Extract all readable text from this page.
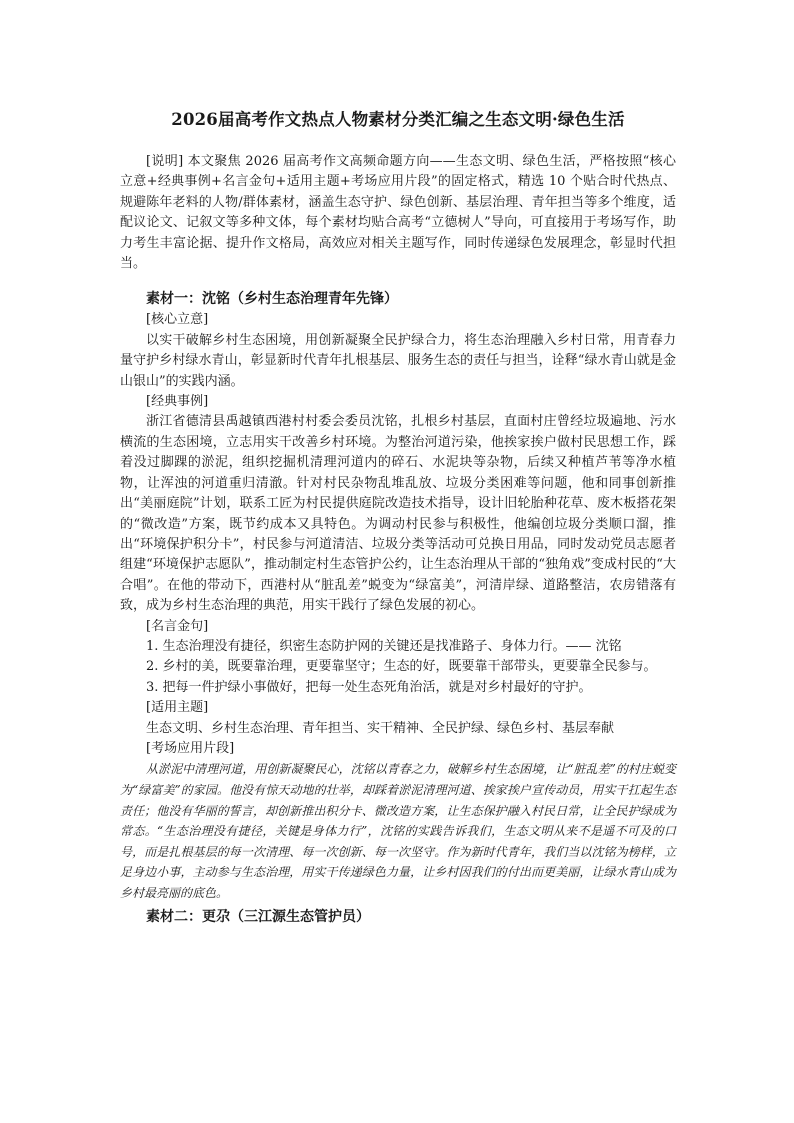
2026届高考作文热点人物素材分类汇编之生态文明·绿色生活

[说明] 本文聚焦 2026 届高考作文高频命题方向——生态文明、绿色生活，严格按照“核心立意+经典事例+名言金句+适用主题+考场应用片段”的固定格式，精选 10 个贴合时代热点、规避陈年老料的人物/群体素材，涵盖生态守护、绿色创新、基层治理、青年担当等多个维度，适配议论文、记叙文等多种文体，每个素材均贴合高考“立德树人”导向，可直接用于考场写作，助力考生丰富论据、提升作文格局，高效应对相关主题写作，同时传递绿色发展理念，彰显时代担当。

素材一：沈铭（乡村生态治理青年先锋）
[核心立意]

以实干破解乡村生态困境，用创新凝聚全民护绿合力，将生态治理融入乡村日常，用青春力量守护乡村绿水青山，彰显新时代青年扎根基层、服务生态的责任与担当，诠释“绿水青山就是金山银山”的实践内涵。

[经典事例]

浙江省德清县禹越镇西港村村委会委员沈铭，扎根乡村基层，直面村庄曾经垃圾遍地、污水横流的生态困境，立志用实干改善乡村环境。为整治河道污染，他挨家挨户做村民思想工作，踩着没过脚踝的淤泥，组织挖掘机清理河道内的碎石、水泥块等杂物，后续又种植芦苇等净水植物，让浑浊的河道重归清澈。针对村民杂物乱堆乱放、垃圾分类困难等问题，他和同事创新推出“美丽庭院”计划，联系工匠为村民提供庭院改造技术指导，设计旧轮胎种花草、废木板搭花架的“微改造”方案，既节约成本又具特色。为调动村民参与积极性，他编创垃圾分类顺口溜，推出“环境保护积分卡”，村民参与河道清洁、垃圾分类等活动可兑换日用品，同时发动党员志愿者组建“环境保护志愿队”，推动制定村生态管护公约，让生态治理从干部的“独角戏”变成村民的“大合唱”。在他的带动下，西港村从“脏乱差”蜕变为“绿富美”，河清岸绿、道路整洁，农房错落有致，成为乡村生态治理的典范，用实干践行了绿色发展的初心。

[名言金句]

1. 生态治理没有捷径，织密生态防护网的关键还是找准路子、身体力行。—— 沈铭

2. 乡村的美，既要靠治理，更要靠坚守；生态的好，既要靠干部带头，更要靠全民参与。

3. 把每一件护绿小事做好，把每一处生态死角治活，就是对乡村最好的守护。

[适用主题]

生态文明、乡村生态治理、青年担当、实干精神、全民护绿、绿色乡村、基层奉献

[考场应用片段]

从淤泥中清理河道，用创新凝聚民心，沈铭以青春之力，破解乡村生态困境，让“脏乱差”的村庄蜕变为“绿富美”的家园。他没有惊天动地的壮举，却踩着淤泥清理河道、挨家挨户宣传动员，用实干扛起生态责任；他没有华丽的誓言，却创新推出积分卡、微改造方案，让生态保护融入村民日常，让全民护绿成为常态。“生态治理没有捷径，关键是身体力行”，沈铭的实践告诉我们，生态文明从来不是遥不可及的口号，而是扎根基层的每一次清理、每一次创新、每一次坚守。作为新时代青年，我们当以沈铭为榜样，立足身边小事，主动参与生态治理，用实干传递绿色力量，让乡村因我们的付出而更美丽，让绿水青山成为乡村最亮丽的底色。

素材二：更尕（三江源生态管护员）
